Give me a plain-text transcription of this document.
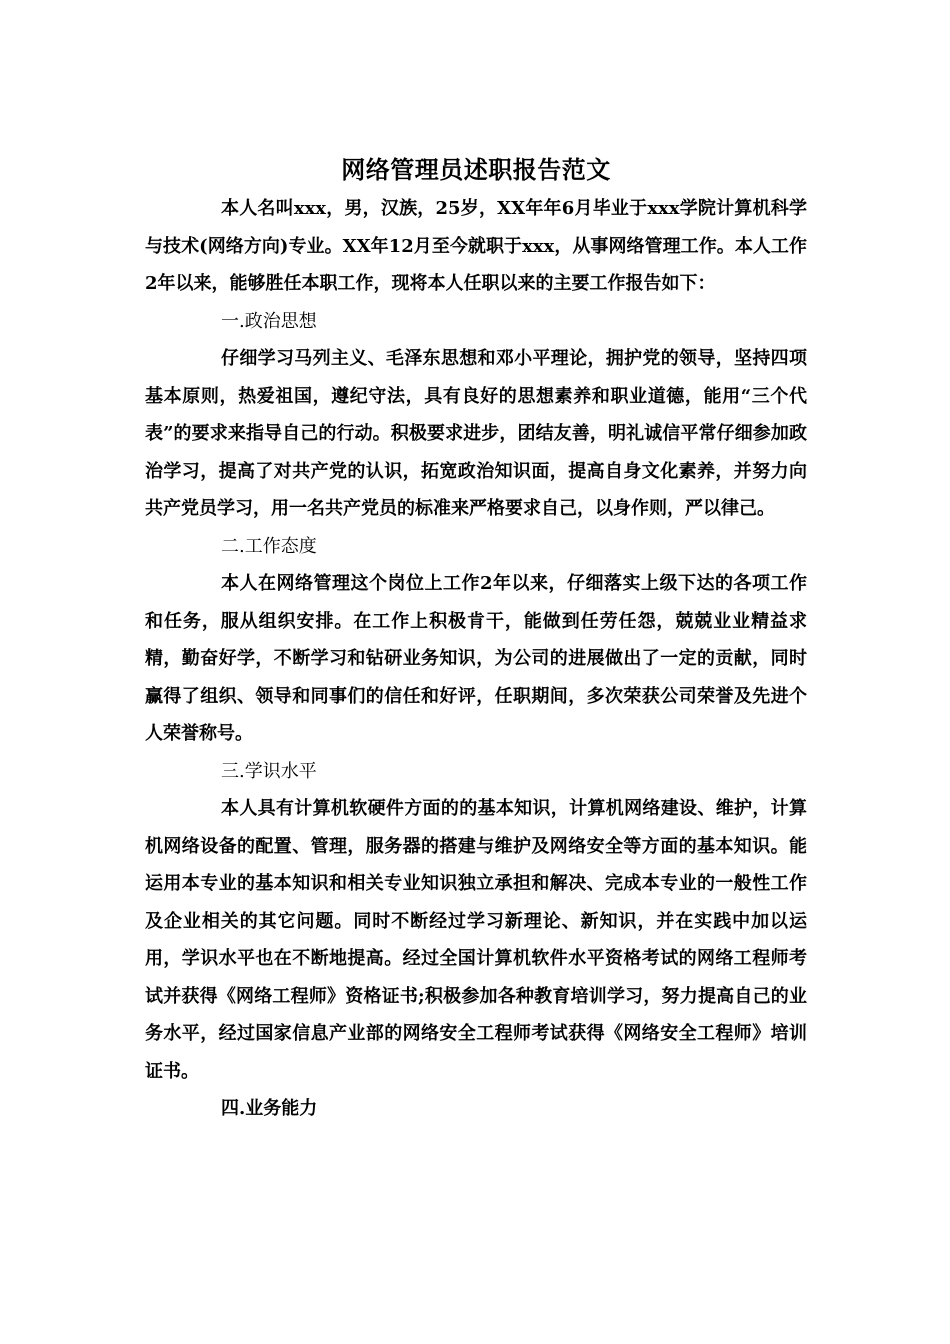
网络管理员述职报告范文

本人名叫xxx，男，汉族，25岁，XX年年6月毕业于xxx学院计算机科学与技术(网络方向)专业。XX年12月至今就职于xxx，从事网络管理工作。本人工作2年以来，能够胜任本职工作，现将本人任职以来的主要工作报告如下：

一.政治思想

仔细学习马列主义、毛泽东思想和邓小平理论，拥护党的领导，坚持四项基本原则，热爱祖国，遵纪守法，具有良好的思想素养和职业道德，能用“三个代表”的要求来指导自己的行动。积极要求进步，团结友善，明礼诚信平常仔细参加政治学习，提高了对共产党的认识，拓宽政治知识面，提高自身文化素养，并努力向共产党员学习，用一名共产党员的标准来严格要求自己，以身作则，严以律己。

二.工作态度

本人在网络管理这个岗位上工作2年以来，仔细落实上级下达的各项工作和任务，服从组织安排。在工作上积极肯干，能做到任劳任怨，兢兢业业精益求精，勤奋好学，不断学习和钻研业务知识，为公司的进展做出了一定的贡献，同时赢得了组织、领导和同事们的信任和好评，任职期间，多次荣获公司荣誉及先进个人荣誉称号。

三.学识水平

本人具有计算机软硬件方面的的基本知识，计算机网络建设、维护，计算机网络设备的配置、管理，服务器的搭建与维护及网络安全等方面的基本知识。能运用本专业的基本知识和相关专业知识独立承担和解决、完成本专业的一般性工作及企业相关的其它问题。同时不断经过学习新理论、新知识，并在实践中加以运用，学识水平也在不断地提高。经过全国计算机软件水平资格考试的网络工程师考试并获得《网络工程师》资格证书;积极参加各种教育培训学习，努力提高自己的业务水平，经过国家信息产业部的网络安全工程师考试获得《网络安全工程师》培训证书。

四.业务能力
